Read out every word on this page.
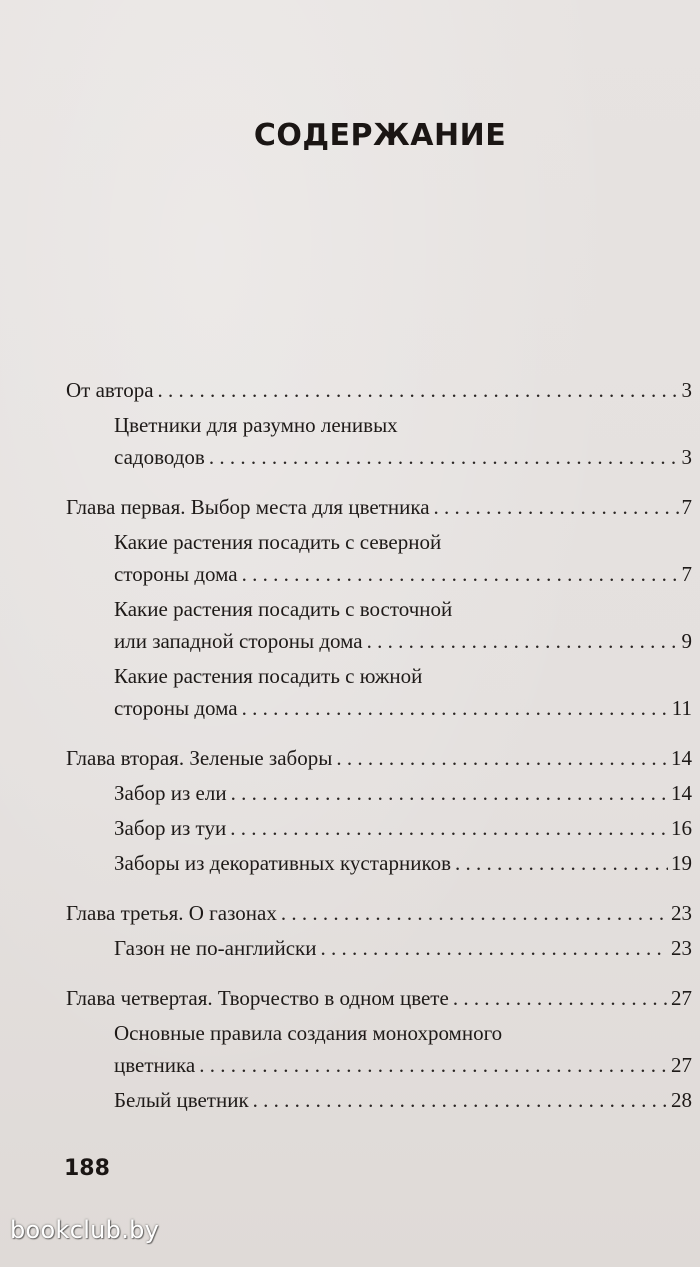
СОДЕРЖАНИЕ
От автора . . .	3
Цветники для разумно ленивых
садоводов . . .	3
Глава первая. Выбор места для цветника . . .	7
Какие растения посадить с северной
стороны дома . . .	7
Какие растения посадить с восточной
или западной стороны дома . . .	9
Какие растения посадить с южной
стороны дома . . .	11
Глава вторая. Зеленые заборы . . .	14
Забор из ели . . .	14
Забор из туи . . .	16
Заборы из декоративных кустарников . . .	19
Глава третья. О газонах . . .	23
Газон не по-английски . . .	23
Глава четвертая. Творчество в одном цвете . . .	27
Основные правила создания монохромного
цветника . . .	27
Белый цветник . . .	28
188
bookclub.by
